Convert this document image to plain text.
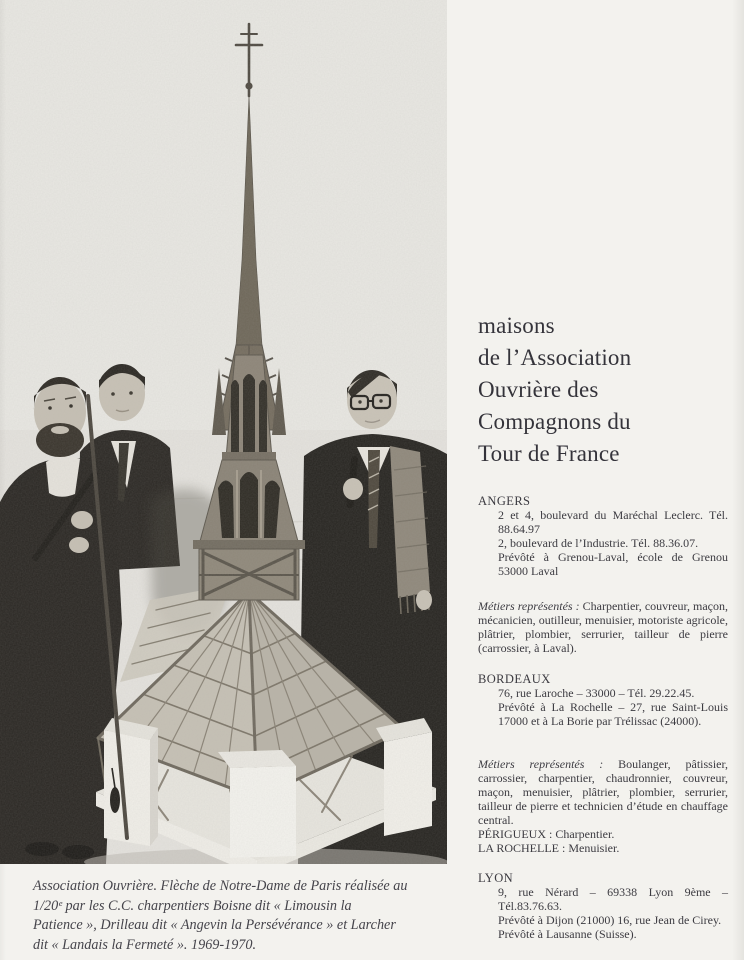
maisons
de l’Association
Ouvrière des
Compagnons du
Tour de France

ANGERS

2 et 4, boulevard du Maréchal Leclerc. Tél. 88.64.97

2, boulevard de l’Industrie. Tél. 88.36.07.

Prévôté à Grenou-Laval, école de Grenou 53000 Laval

Métiers représentés : Charpentier, couvreur, maçon, mécanicien, outilleur, menuisier, motoriste agricole, plâtrier, plombier, serrurier, tailleur de pierre (carrossier, à Laval).

BORDEAUX

76, rue Laroche – 33000 – Tél. 29.22.45.

Prévôté à La Rochelle – 27, rue Saint-Louis 17000 et à La Borie par Trélissac (24000).

Métiers représentés : Boulanger, pâtissier, carrossier, charpentier, chaudronnier, couvreur, maçon, menuisier, plâtrier, plombier, serrurier, tailleur de pierre et technicien d’étude en chauffage central.

PÉRIGUEUX : Charpentier.

LA ROCHELLE : Menuisier.

LYON

9, rue Nérard – 69338 Lyon 9ème – Tél.83.76.63.

Prévôté à Dijon (21000) 16, rue Jean de Cirey.

Prévôté à Lausanne (Suisse).

Association Ouvrière. Flèche de Notre-Dame de Paris réalisée au
1/20ᵉ par les C.C. charpentiers Boisne dit « Limousin la
Patience », Drilleau dit « Angevin la Persévérance » et Larcher
dit « Landais la Fermeté ». 1969-1970.
